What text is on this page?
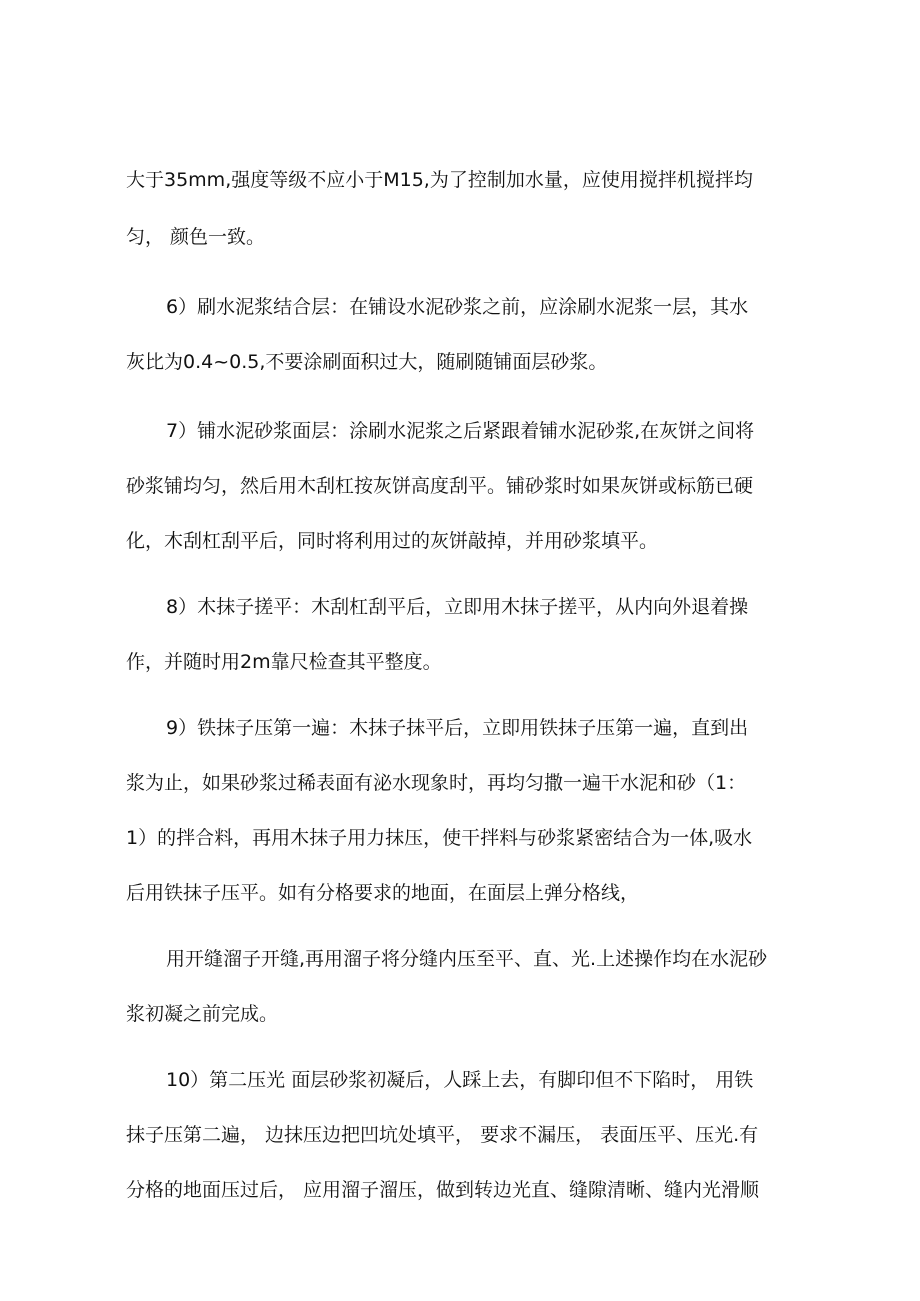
大于35mm,强度等级不应小于M15,为了控制加水量，应使用搅拌机搅拌均
匀， 颜色一致。
6）刷水泥浆结合层：在铺设水泥砂浆之前，应涂刷水泥浆一层，其水
灰比为0.4~0.5,不要涂刷面积过大，随刷随铺面层砂浆。
7）铺水泥砂浆面层：涂刷水泥浆之后紧跟着铺水泥砂浆,在灰饼之间将
砂浆铺均匀，然后用木刮杠按灰饼高度刮平。铺砂浆时如果灰饼或标筋已硬
化，木刮杠刮平后，同时将利用过的灰饼敲掉，并用砂浆填平。
8）木抹子搓平：木刮杠刮平后，立即用木抹子搓平，从内向外退着操
作，并随时用2m靠尺检查其平整度。
9）铁抹子压第一遍：木抹子抹平后，立即用铁抹子压第一遍，直到出
浆为止，如果砂浆过稀表面有泌水现象时，再均匀撒一遍干水泥和砂（1：
1）的拌合料，再用木抹子用力抹压，使干拌料与砂浆紧密结合为一体,吸水
后用铁抹子压平。如有分格要求的地面，在面层上弹分格线，
用开缝溜子开缝,再用溜子将分缝内压至平、直、光.上述操作均在水泥砂
浆初凝之前完成。
10）第二压光 面层砂浆初凝后，人踩上去，有脚印但不下陷时， 用铁
抹子压第二遍， 边抹压边把凹坑处填平， 要求不漏压， 表面压平、压光.有
分格的地面压过后， 应用溜子溜压，做到转边光直、缝隙清晰、缝内光滑顺
